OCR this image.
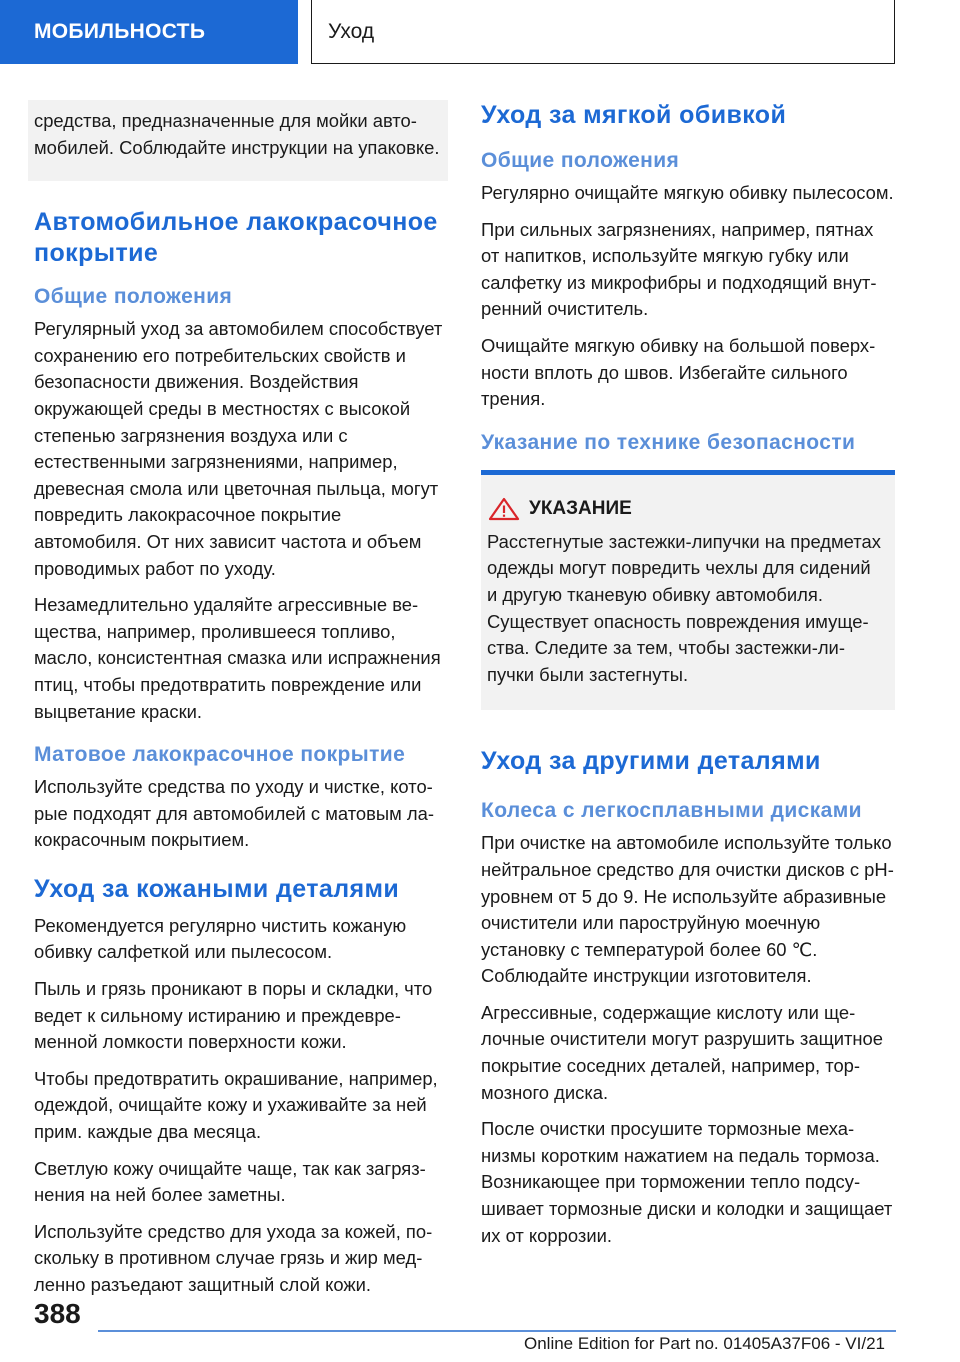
МОБИЛЬНОСТЬ	Уход

средства, предназначенные для мойки автомобилей. Соблюдайте инструкции на упаковке.

Автомобильное лакокрасочное покрытие
Общие положения

Регулярный уход за автомобилем способствует сохранению его потребительских свойств и безопасности движения. Воздействия окружающей среды в местностях с высокой степенью загрязнения воздуха или с естественными загрязнениями, например, древесная смола или цветочная пыльца, могут повредить лакокрасочное покрытие автомобиля. От них зависит частота и объем проводимых работ по уходу.

Незамедлительно удаляйте агрессивные вещества, например, пролившееся топливо, масло, консистентная смазка или испражнения птиц, чтобы предотвратить повреждение или выцветание краски.

Матовое лакокрасочное покрытие

Используйте средства по уходу и чистке, которые подходят для автомобилей с матовым лакокрасочным покрытием.

Уход за кожаными деталями

Рекомендуется регулярно чистить кожаную обивку салфеткой или пылесосом.

Пыль и грязь проникают в поры и складки, что ведет к сильному истиранию и преждевременной ломкости поверхности кожи.

Чтобы предотвратить окрашивание, например, одеждой, очищайте кожу и ухаживайте за ней прим. каждые два месяца.

Светлую кожу очищайте чаще, так как загрязнения на ней более заметны.

Используйте средство для ухода за кожей, поскольку в противном случае грязь и жир медленно разъедают защитный слой кожи.

Уход за мягкой обивкой
Общие положения

Регулярно очищайте мягкую обивку пылесосом.

При сильных загрязнениях, например, пятнах от напитков, используйте мягкую губку или салфетку из микрофибры и подходящий внутренний очиститель.

Очищайте мягкую обивку на большой поверхности вплоть до швов. Избегайте сильного трения.

Указание по технике безопасности
УКАЗАНИЕ

Расстегнутые застежки-липучки на предметах одежды могут повредить чехлы для сидений и другую тканевую обивку автомобиля. Существует опасность повреждения имущества. Следите за тем, чтобы застежки-липучки были застегнуты.

Уход за другими деталями
Колеса с легкосплавными дисками

При очистке на автомобиле используйте только нейтральное средство для очистки дисков с pH-уровнем от 5 до 9. Не используйте абразивные очистители или пароструйную моечную установку с температурой более 60 ℃. Соблюдайте инструкции изготовителя.

Агрессивные, содержащие кислоту или щелочные очистители могут разрушить защитное покрытие соседних деталей, например, тормозного диска.

После очистки просушите тормозные механизмы коротким нажатием на педаль тормоза. Возникающее при торможении тепло подсушивает тормозные диски и колодки и защищает их от коррозии.

388
Online Edition for Part no. 01405A37F06 - VI/21
